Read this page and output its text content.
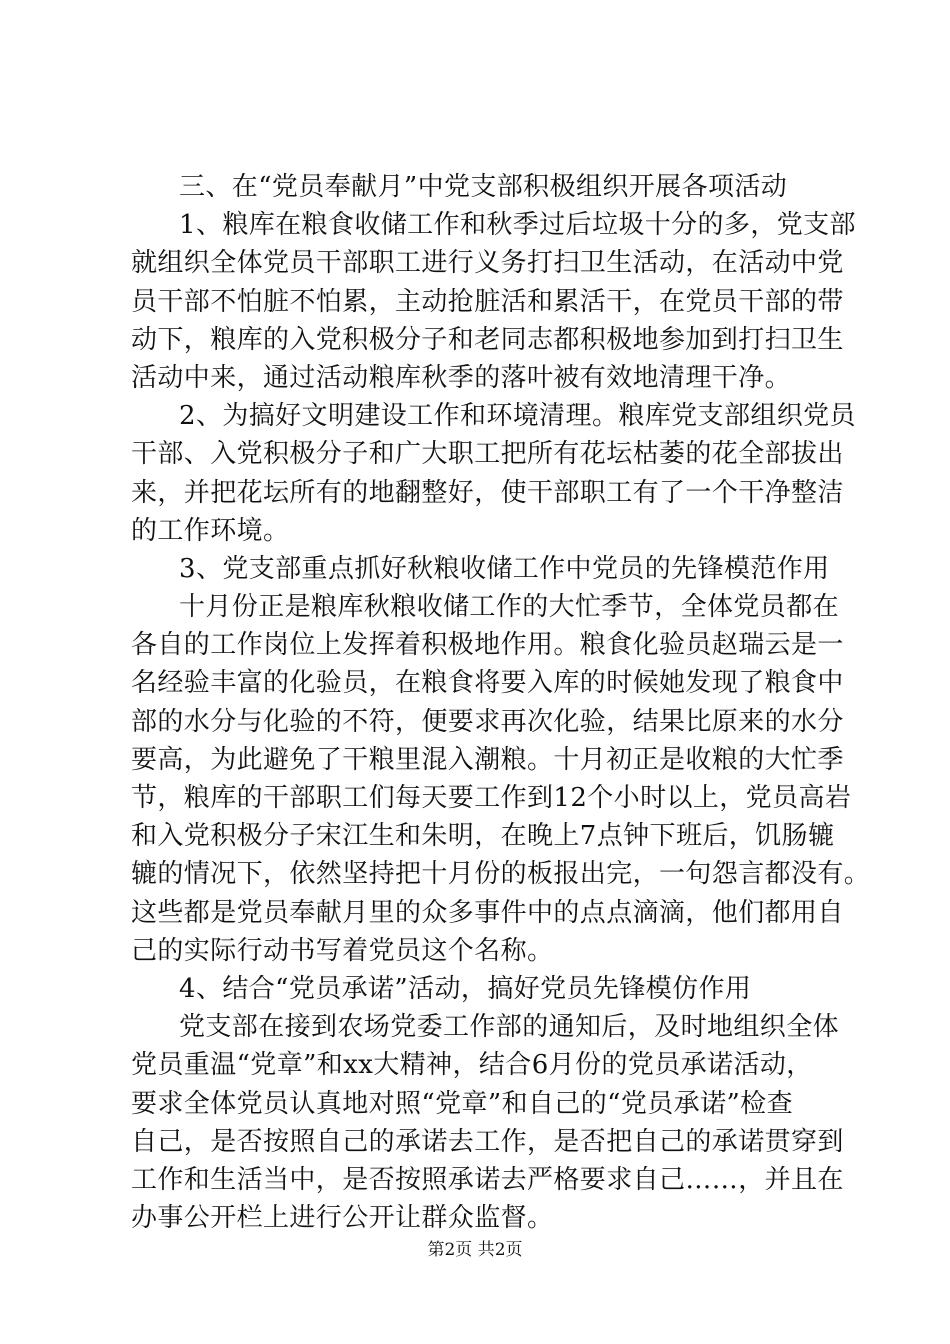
三、在“党员奉献月”中党支部积极组织开展各项活动
1、粮库在粮食收储工作和秋季过后垃圾十分的多，党支部
就组织全体党员干部职工进行义务打扫卫生活动，在活动中党
员干部不怕脏不怕累，主动抢脏活和累活干，在党员干部的带
动下，粮库的入党积极分子和老同志都积极地参加到打扫卫生
活动中来，通过活动粮库秋季的落叶被有效地清理干净。
2、为搞好文明建设工作和环境清理。粮库党支部组织党员
干部、入党积极分子和广大职工把所有花坛枯萎的花全部拔出
来，并把花坛所有的地翻整好，使干部职工有了一个干净整洁
的工作环境。
3、党支部重点抓好秋粮收储工作中党员的先锋模范作用
十月份正是粮库秋粮收储工作的大忙季节，全体党员都在
各自的工作岗位上发挥着积极地作用。粮食化验员赵瑞云是一
名经验丰富的化验员，在粮食将要入库的时候她发现了粮食中
部的水分与化验的不符，便要求再次化验，结果比原来的水分
要高，为此避免了干粮里混入潮粮。十月初正是收粮的大忙季
节，粮库的干部职工们每天要工作到12个小时以上，党员高岩
和入党积极分子宋江生和朱明，在晚上7点钟下班后，饥肠辘
辘的情况下，依然坚持把十月份的板报出完，一句怨言都没有。
这些都是党员奉献月里的众多事件中的点点滴滴，他们都用自
己的实际行动书写着党员这个名称。
4、结合“党员承诺”活动，搞好党员先锋模仿作用
党支部在接到农场党委工作部的通知后，及时地组织全体
党员重温“党章”和xx大精神，结合6月份的党员承诺活动，
要求全体党员认真地对照“党章”和自己的“党员承诺”检查
自己，是否按照自己的承诺去工作，是否把自己的承诺贯穿到
工作和生活当中，是否按照承诺去严格要求自己……，并且在
办事公开栏上进行公开让群众监督。
第2页 共2页
